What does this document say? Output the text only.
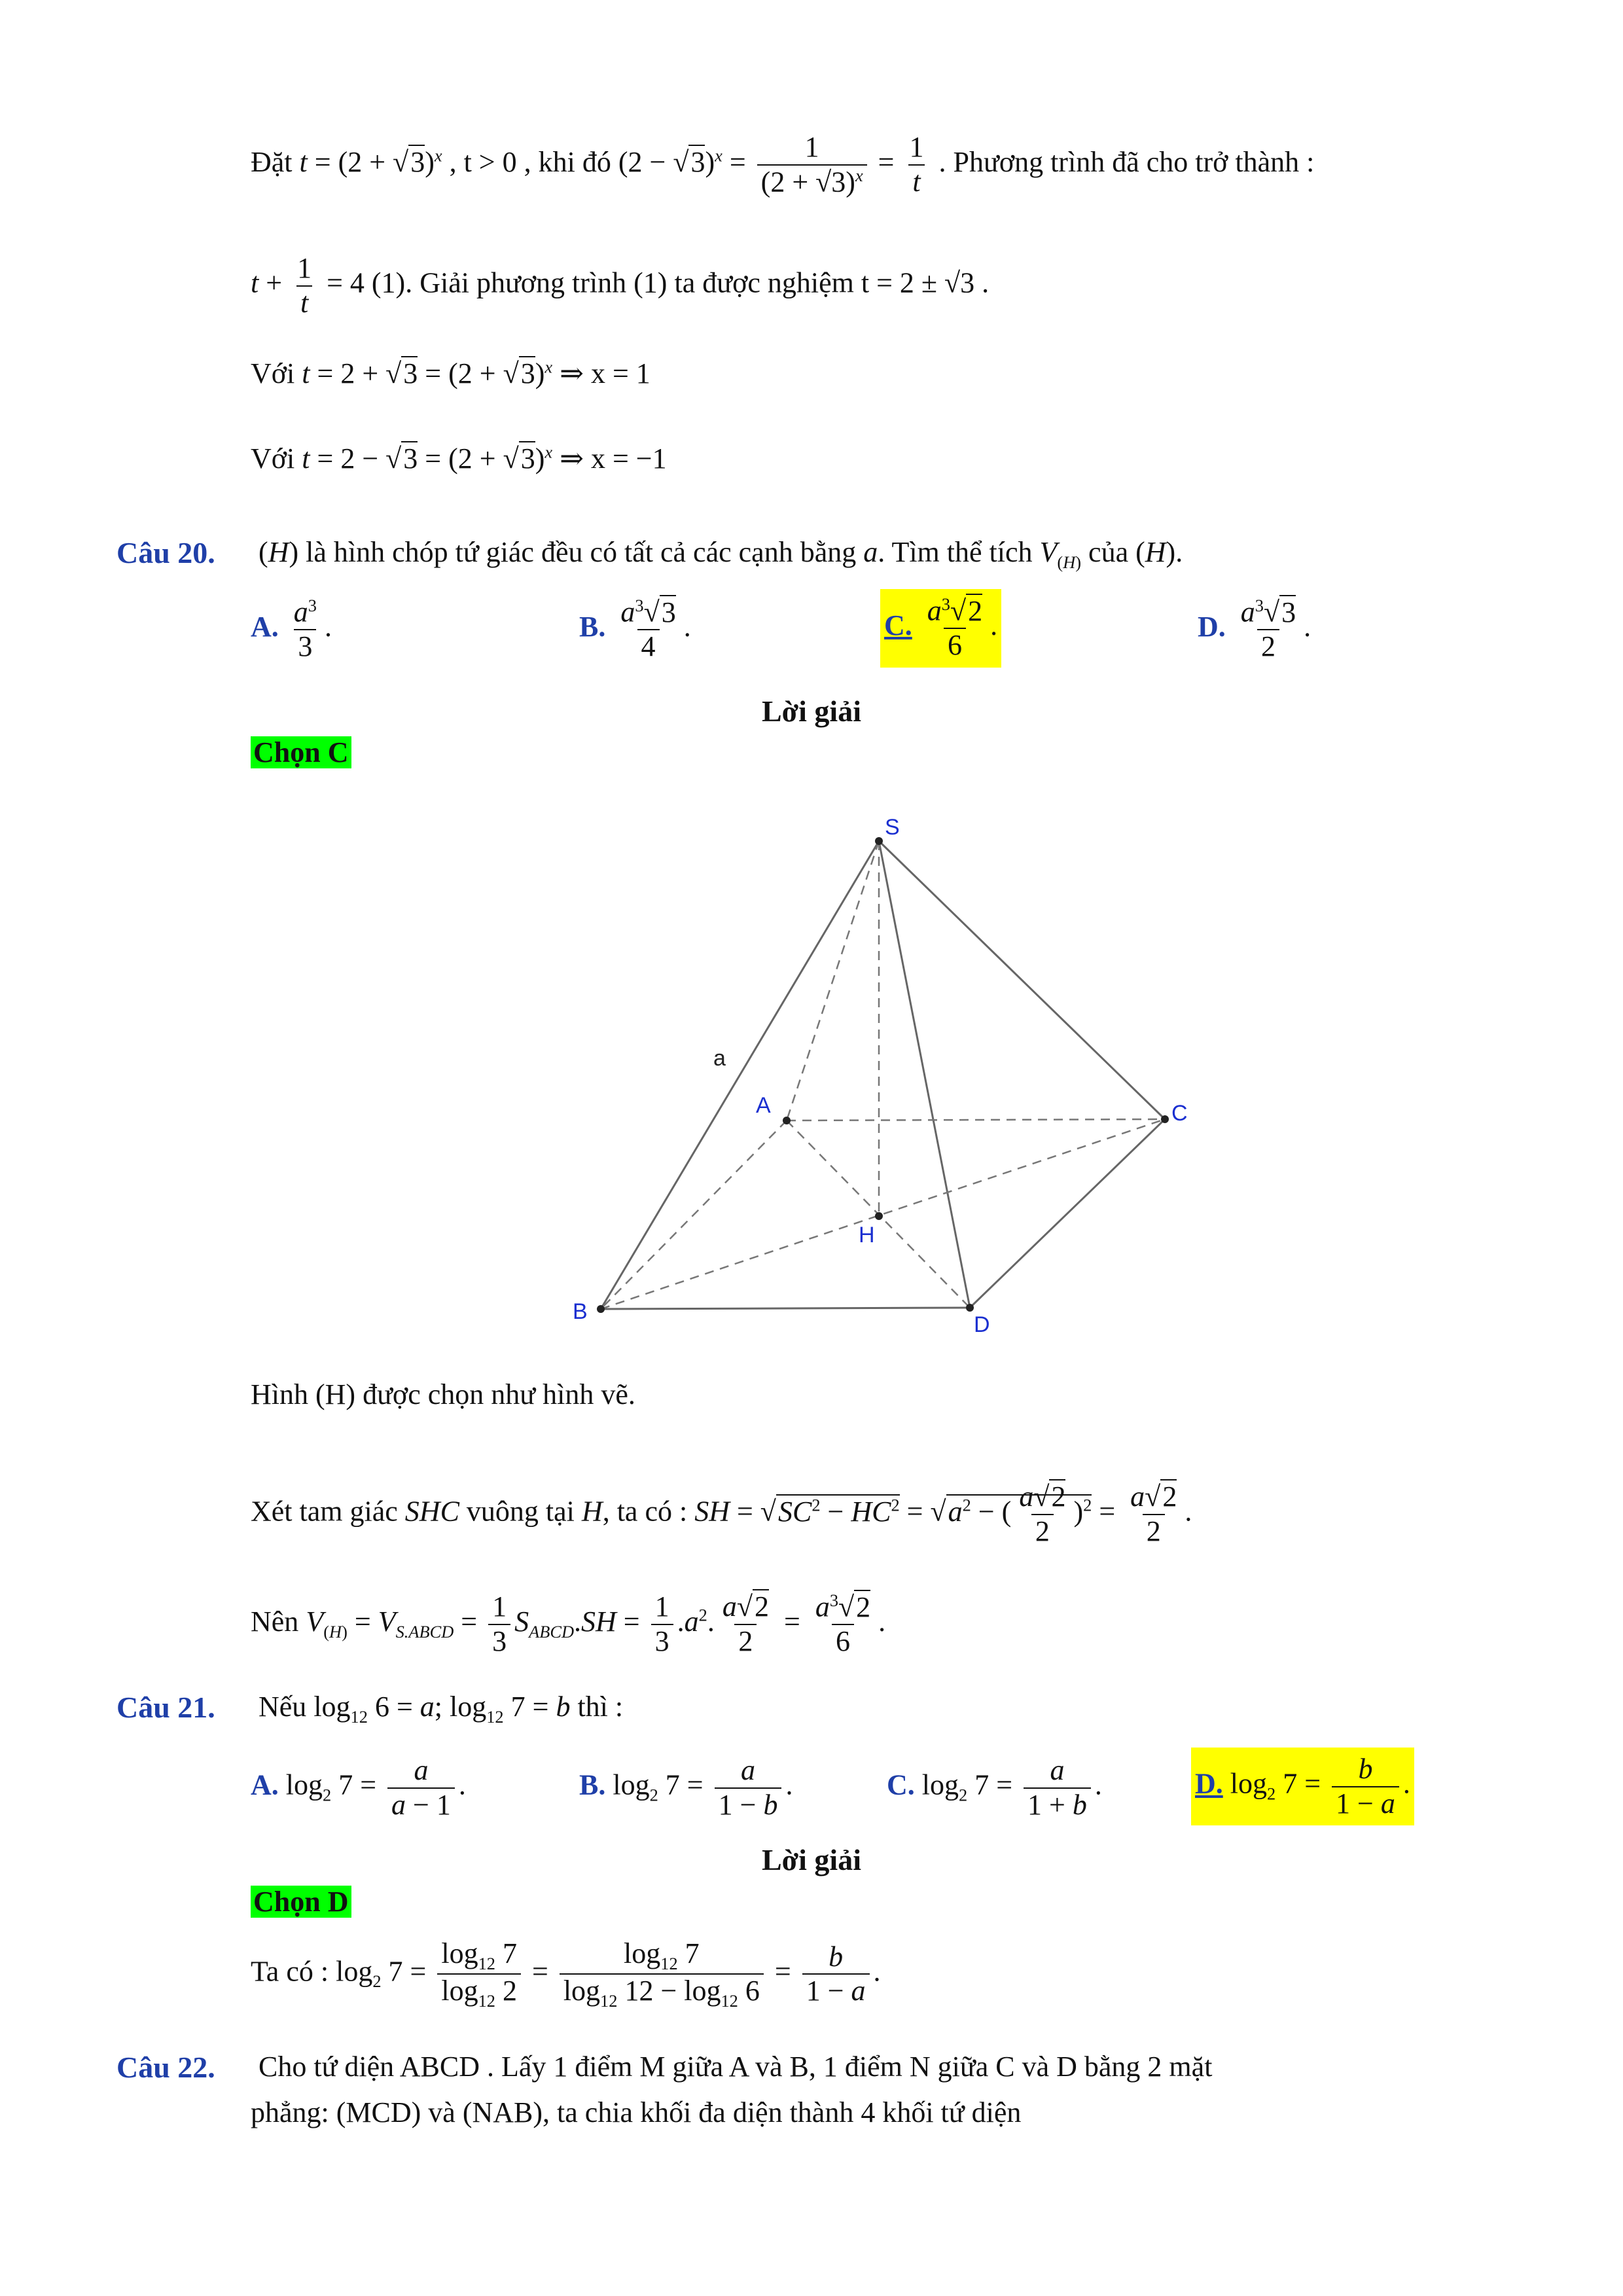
Đặt $t = (2 + √3)^x$ , t > 0 , khi đó $(2 - √3)^x = \frac{1}{(2 + √3)^x} = \frac{1}{t}$ . Phương trình đã cho trở thành :
$t + \frac{1}{t} = 4$ (1). Giải phương trình (1) ta được nghiệm t = 2 ± √3 .
Với $t = 2 + √3 = (2 + √3)^x$ ⇒ x = 1
Với $t = 2 - √3 = (2 + √3)^x$ ⇒ x = −1
Câu 20. (H) là hình chóp tứ giác đều có tất cả các cạnh bằng a. Tìm thể tích $V_{(H)}$ của (H).
A. $\frac{a^3}{3}$ .	B. $\frac{a^3√3}{4}$ .	C. $\frac{a^3√2}{6}$ .	D. $\frac{a^3√3}{2}$ .
Lời giải
Chọn C
S
A
B
C
D
H
a
Hình (H) được chọn như hình vẽ.
Xét tam giác SHC vuông tại H, ta có : SH = $√SC^2 - HC^2 = √a^2$ − ( $\frac{a√2}{2} )^2 = \frac{a√2}{2}$ .
Nên $V_{(H)} = V_{S.ABCD} = \frac{1}{3} S_{ABCD}.SH = \frac{1}{3} .a^2$. $\frac{a√2}{2} = \frac{a^3√2}{6}$ .
Câu 21. Nếu $\log_{12} 6 = a$; $\log_{12} 7 = b$ thì :
A. $\log_2 7 = \frac{a}{a - 1}$ .	B. $\log_2 7 = \frac{a}{1 - b}$ .	C. $\log_2 7 = \frac{a}{1 + b}$ .	D. $\log_2 7 = \frac{b}{1 - a}$ .
Lời giải
Chọn D
Ta có : $\log_2 7 = \frac{\log_{12} 7}{\log_{12} 2} = \frac{\log_{12} 7}{\log_{12} 12 - \log_{12} 6} = \frac{b}{1 - a}$ .
Câu 22. Cho tứ diện ABCD . Lấy 1 điểm M giữa A và B, 1 điểm N giữa C và D bằng 2 mặt
phẳng: (MCD) và (NAB), ta chia khối đa diện thành 4 khối tứ diện
